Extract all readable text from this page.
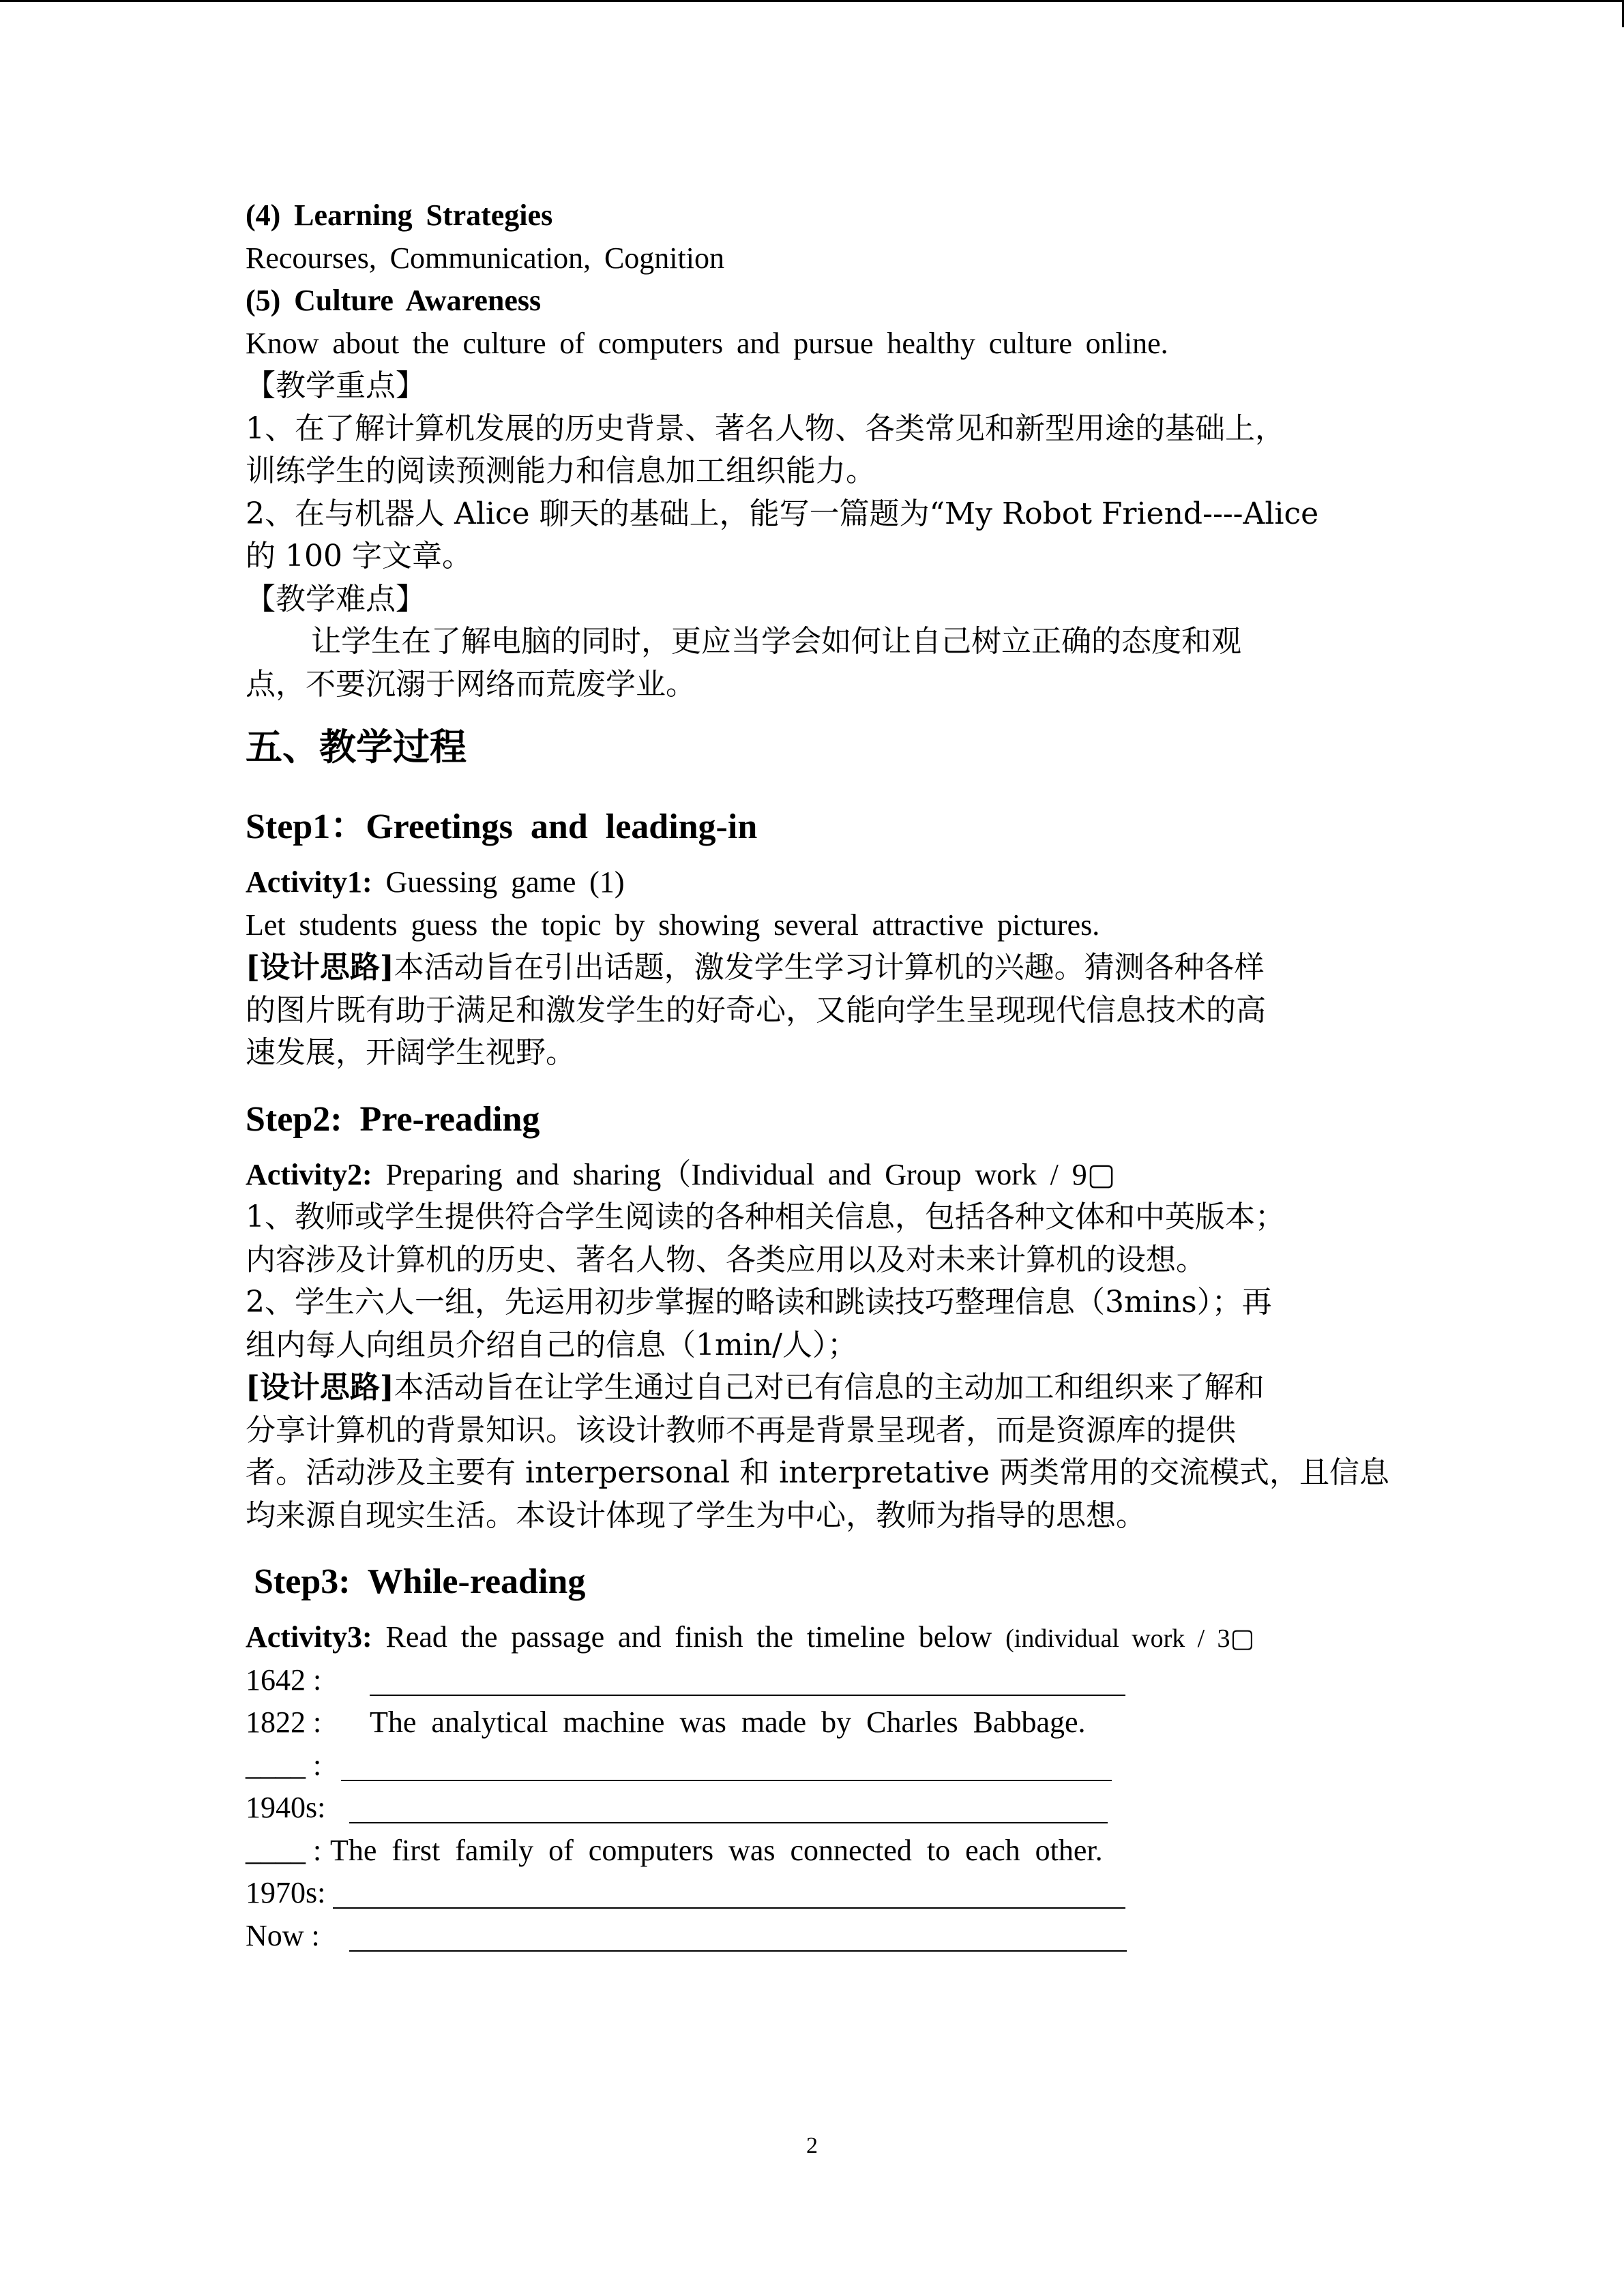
(4) Learning Strategies
Recourses, Communication, Cognition
(5) Culture Awareness
Know about the culture of computers and pursue healthy culture online.
【教学重点】
1、在了解计算机发展的历史背景、著名人物、各类常见和新型用途的基础上，
训练学生的阅读预测能力和信息加工组织能力。
2、在与机器人 Alice 聊天的基础上，能写一篇题为“My Robot Friend----Alice
的 100 字文章。
【教学难点】
让学生在了解电脑的同时，更应当学会如何让自己树立正确的态度和观
点，不要沉溺于网络而荒废学业。
五、教学过程
Step1：Greetings and leading-in
Activity1: Guessing game (1)
Let students guess the topic by showing several attractive pictures.
[设计思路]本活动旨在引出话题，激发学生学习计算机的兴趣。猜测各种各样
的图片既有助于满足和激发学生的好奇心，又能向学生呈现现代信息技术的高
速发展，开阔学生视野。
Step2: Pre-reading
Activity2: Preparing and sharing（Individual and Group work / 9▢
1、教师或学生提供符合学生阅读的各种相关信息，包括各种文体和中英版本；
内容涉及计算机的历史、著名人物、各类应用以及对未来计算机的设想。
2、学生六人一组，先运用初步掌握的略读和跳读技巧整理信息（3mins）；再
组内每人向组员介绍自己的信息（1min/人）；
[设计思路]本活动旨在让学生通过自己对已有信息的主动加工和组织来了解和
分享计算机的背景知识。该设计教师不再是背景呈现者，而是资源库的提供
者。活动涉及主要有 interpersonal 和 interpretative 两类常用的交流模式，且信息
均来源自现实生活。本设计体现了学生为中心，教师为指导的思想。
Step3: While-reading
Activity3: Read the passage and finish the timeline below (individual work / 3▢
1642 :
1822 : The analytical machine was made by Charles Babbage.
____ :
1940s:
____ : The first family of computers was connected to each other.
1970s:
Now :
2
